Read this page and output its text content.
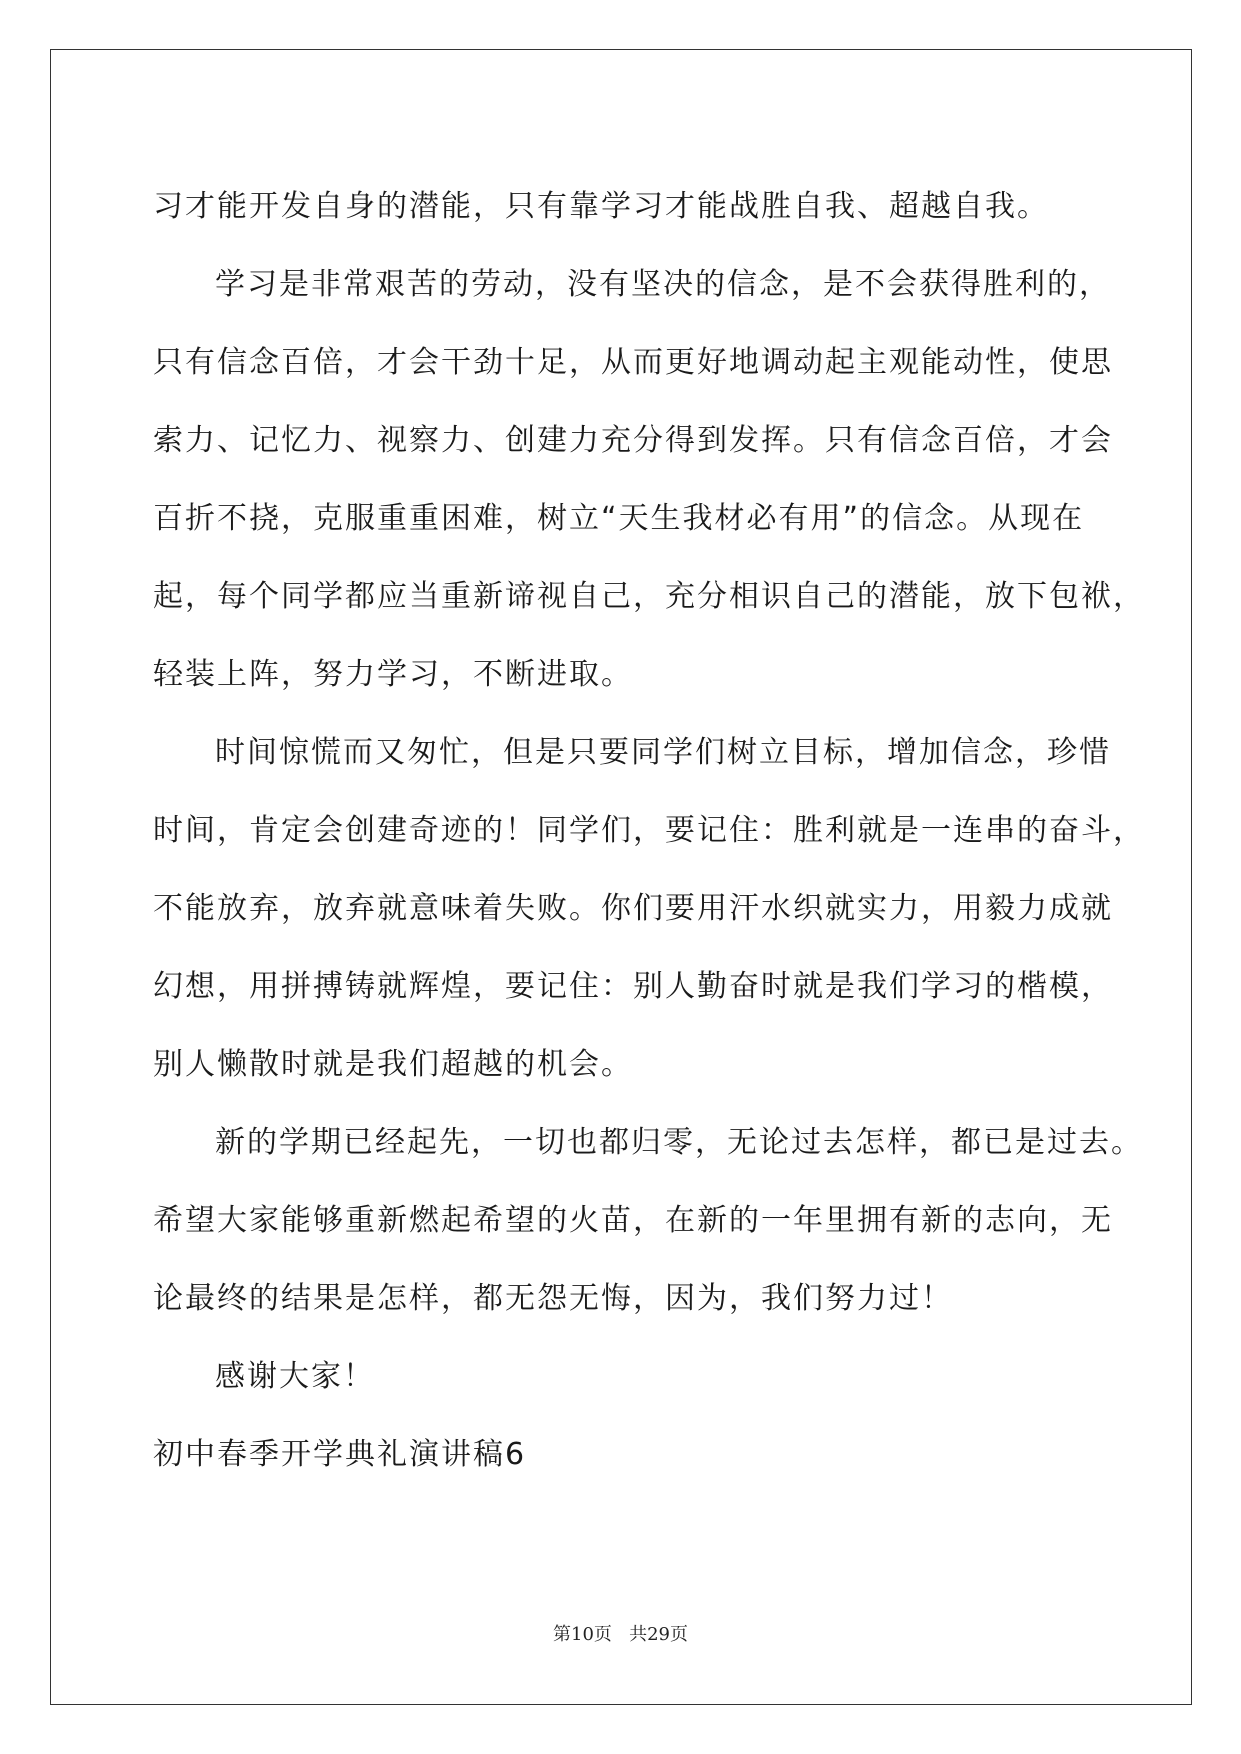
习才能开发自身的潜能，只有靠学习才能战胜自我、超越自我。
学习是非常艰苦的劳动，没有坚决的信念，是不会获得胜利的，
只有信念百倍，才会干劲十足，从而更好地调动起主观能动性，使思
索力、记忆力、视察力、创建力充分得到发挥。只有信念百倍，才会
百折不挠，克服重重困难，树立“天生我材必有用”的信念。从现在
起，每个同学都应当重新谛视自己，充分相识自己的潜能，放下包袱，
轻装上阵，努力学习，不断进取。
时间惊慌而又匆忙，但是只要同学们树立目标，增加信念，珍惜
时间，肯定会创建奇迹的！同学们，要记住：胜利就是一连串的奋斗，
不能放弃，放弃就意味着失败。你们要用汗水织就实力，用毅力成就
幻想，用拼搏铸就辉煌，要记住：别人勤奋时就是我们学习的楷模，
别人懒散时就是我们超越的机会。
新的学期已经起先，一切也都归零，无论过去怎样，都已是过去。
希望大家能够重新燃起希望的火苗，在新的一年里拥有新的志向，无
论最终的结果是怎样，都无怨无悔，因为，我们努力过！
感谢大家！
初中春季开学典礼演讲稿6
第10页 共29页
